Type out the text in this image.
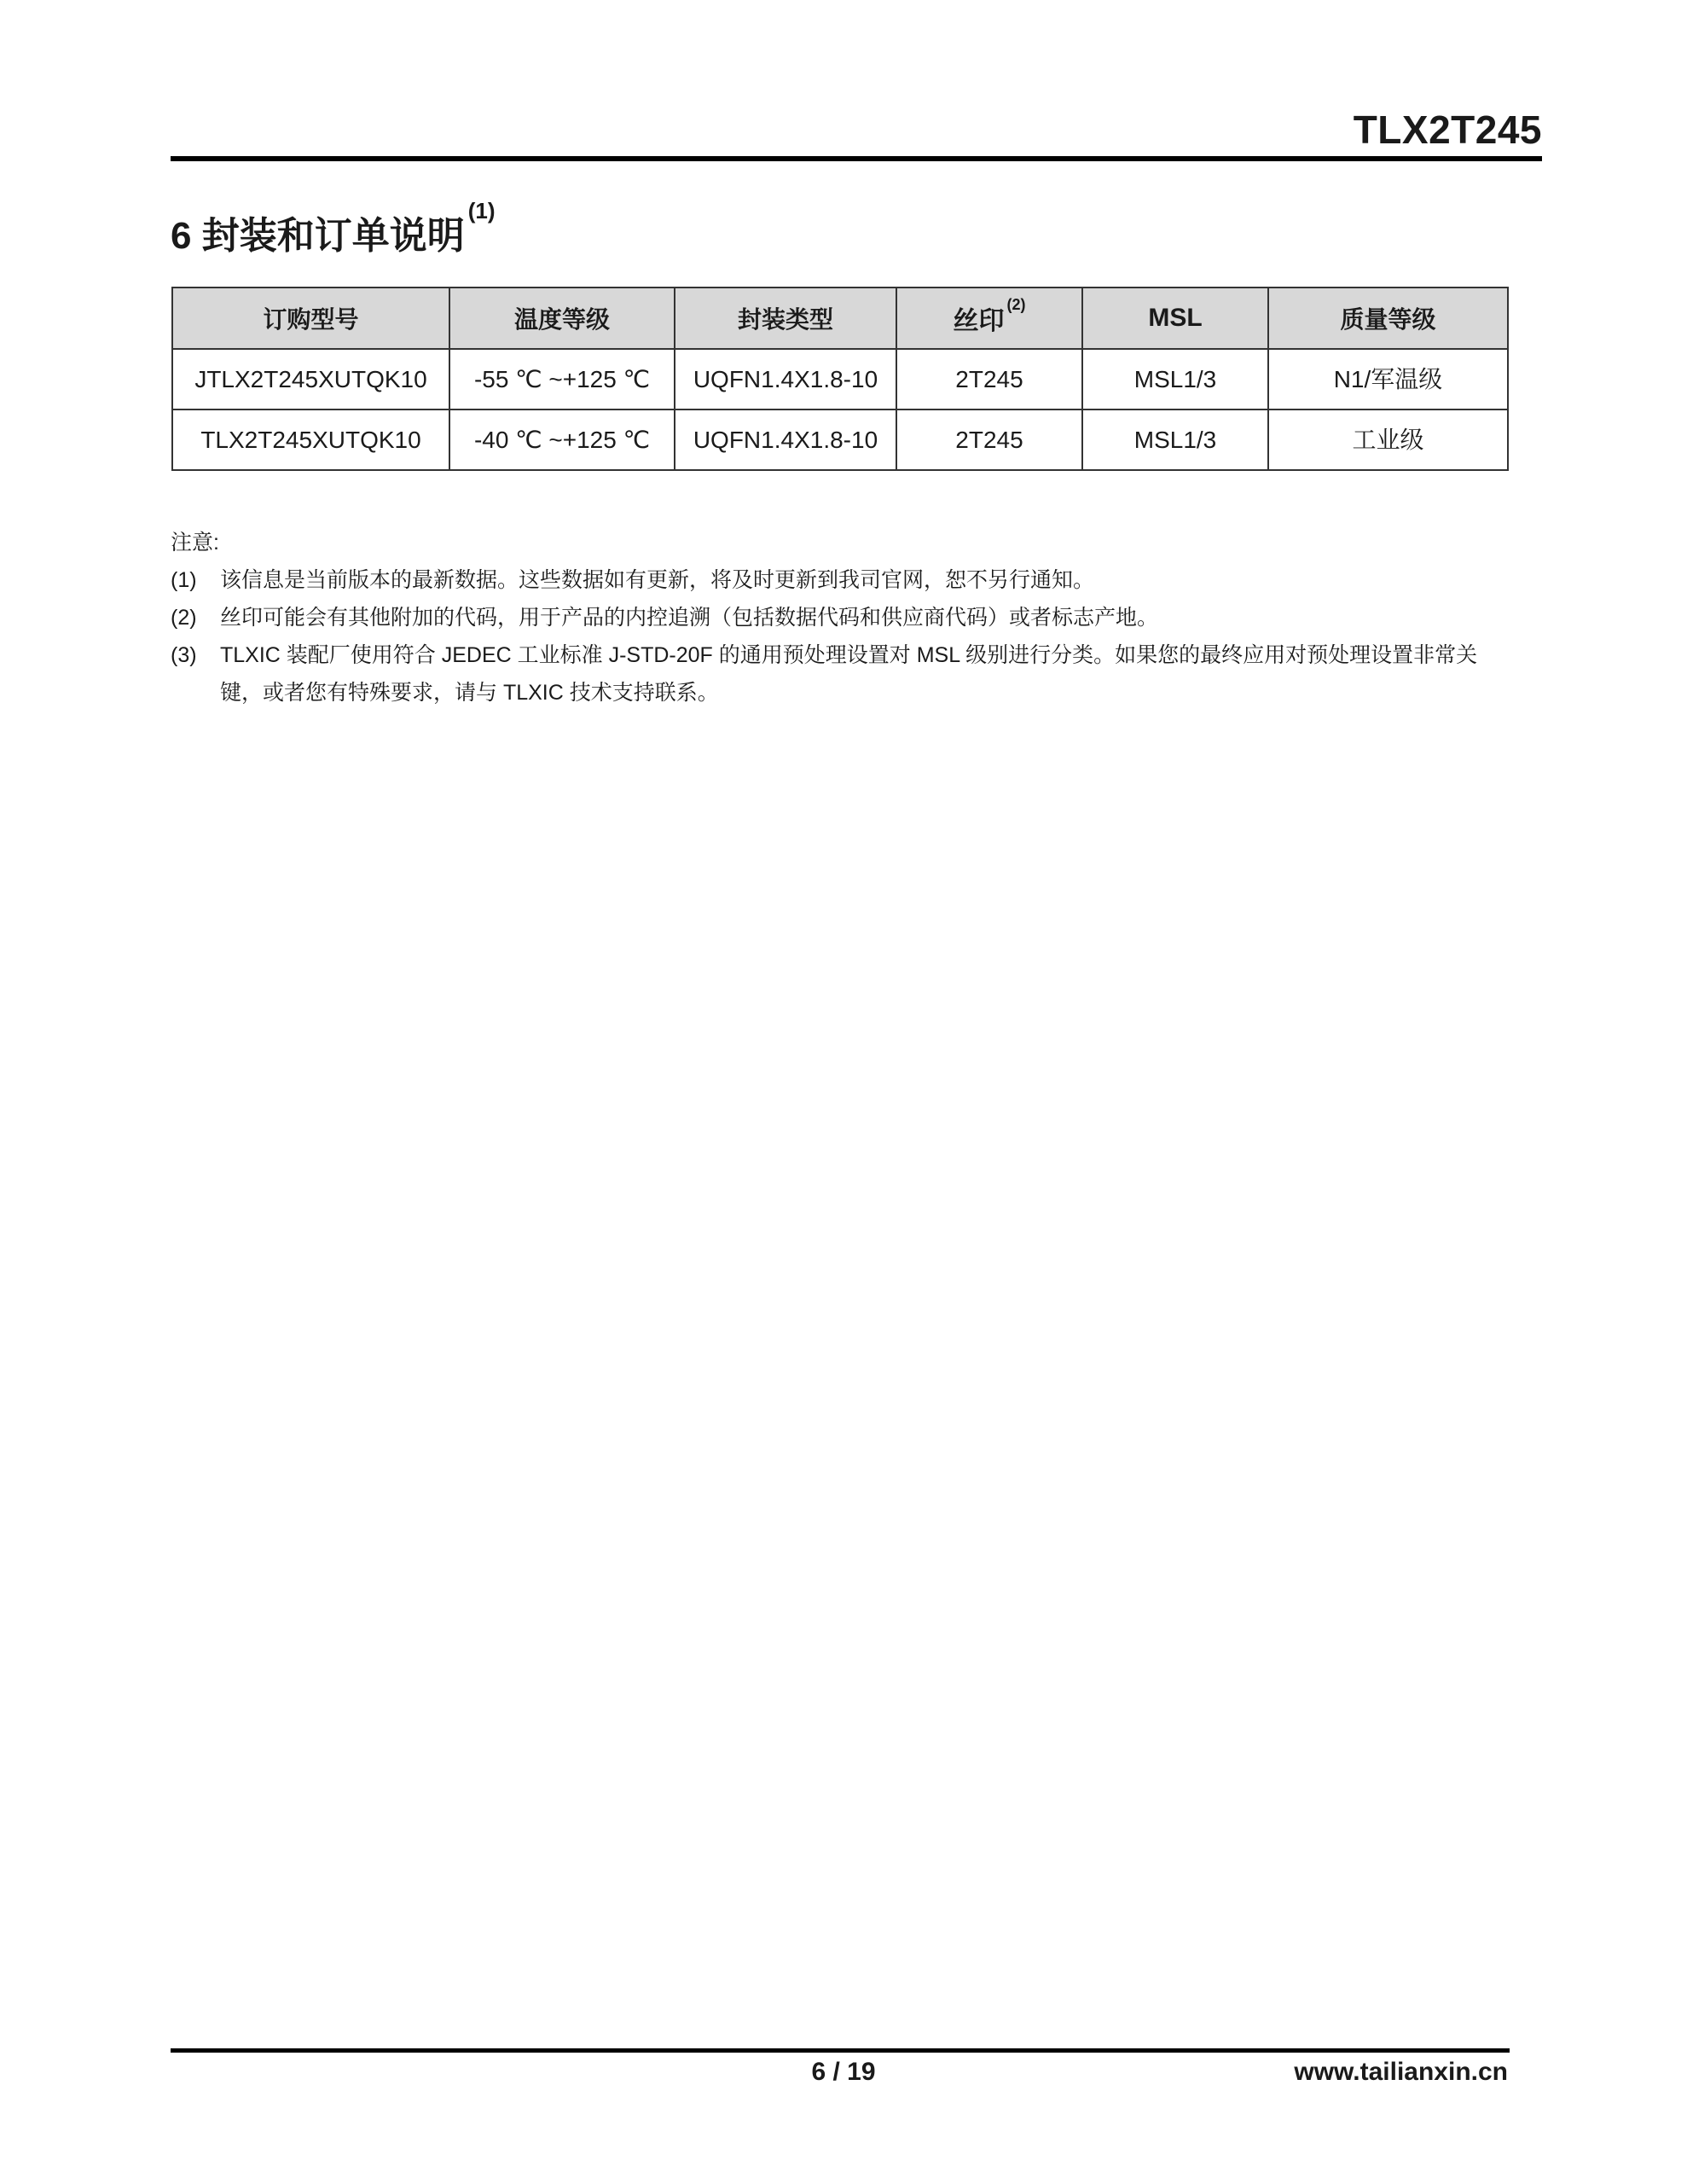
TLX2T245
6 封装和订单说明$^{(1)}$
订购型号	温度等级	封装类型	丝印$^{(2)}$	MSL	质量等级
JTLX2T245XUTQK10	-55 ℃ ~+125 ℃	UQFN1.4X1.8-10	2T245	MSL1/3	N1/军温级
TLX2T245XUTQK10	-40 ℃ ~+125 ℃	UQFN1.4X1.8-10	2T245	MSL1/3	工业级
注意:
(1)	该信息是当前版本的最新数据。这些数据如有更新，将及时更新到我司官网，恕不另行通知。
(2)	丝印可能会有其他附加的代码，用于产品的内控追溯（包括数据代码和供应商代码）或者标志产地。
(3)	TLXIC 装配厂使用符合 JEDEC 工业标准 J-STD-20F 的通用预处理设置对 MSL 级别进行分类。如果您的最终应用对预处理设置非常关键，或者您有特殊要求，请与 TLXIC 技术支持联系。
6 / 19	www.tailianxin.cn
